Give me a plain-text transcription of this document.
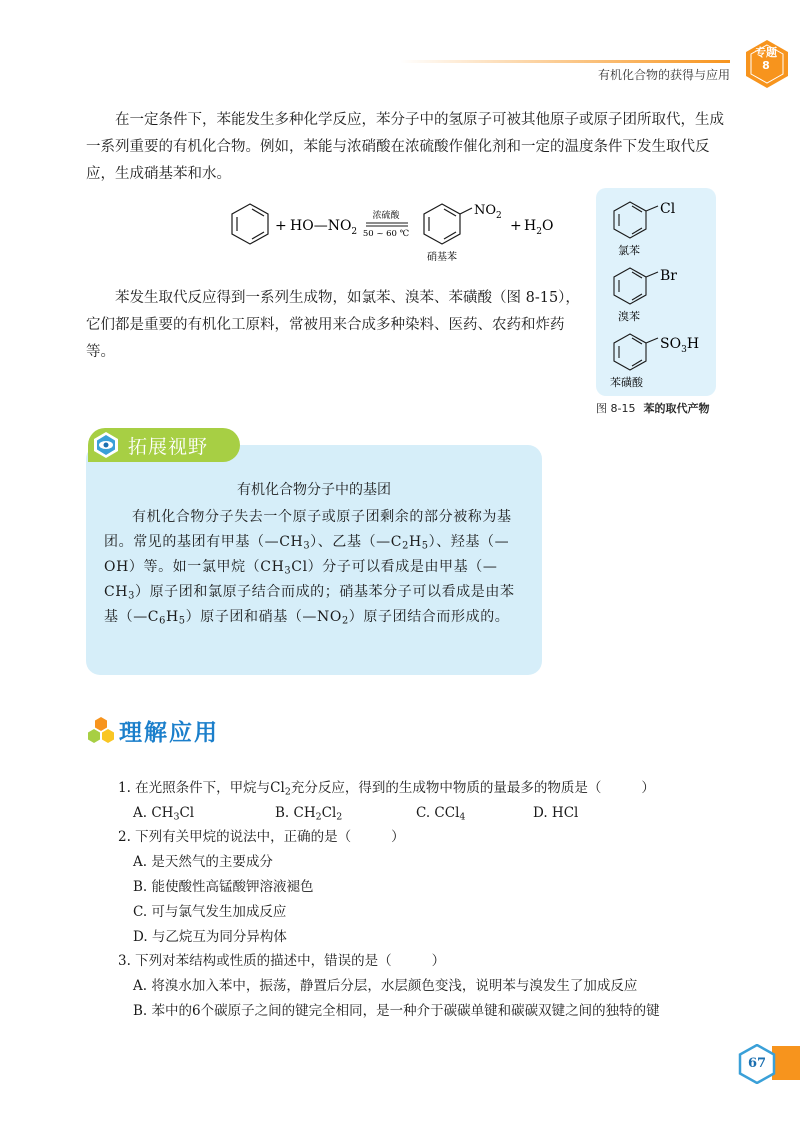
有机化合物的获得与应用
专题
8
在一定条件下，苯能发生多种化学反应，苯分子中的氢原子可被其他原子或原子团所取代，生成一系列重要的有机化合物。例如，苯能与浓硝酸在浓硫酸作催化剂和一定的温度条件下发生取代反应，生成硝基苯和水。
+ $HO—NO_2$
浓硫酸
50 ~ 60 ℃
$NO_2$
硝基苯
+ $H_2O$
Cl
氯苯
Br
溴苯
$SO_3H$
苯磺酸
图 8-15 苯的取代产物
苯发生取代反应得到一系列生成物，如氯苯、溴苯、苯磺酸（图 8-15），它们都是重要的有机化工原料，常被用来合成多种染料、医药、农药和炸药等。
拓展视野
有机化合物分子中的基团
有机化合物分子失去一个原子或原子团剩余的部分被称为基团。常见的基团有甲基$(—CH_3)$、乙基$(—C_2H_5)$、羟基（—OH）等。如一氯甲烷$(CH_3Cl)$分子可以看成是由甲基$(—CH_3)$原子团和氯原子结合而成的；硝基苯分子可以看成是由苯基$(—C_6H_5)$原子团和硝基$(—NO_2)$原子团结合而形成的。
理解应用
1. 在光照条件下，甲烷与$Cl_2$充分反应，得到的生成物中物质的量最多的物质是（	）
A. $CH_3Cl$	B. $CH_2Cl_2$	C. CCl$_4$	D. HCl
2. 下列有关甲烷的说法中，正确的是（	）
A. 是天然气的主要成分
B. 能使酸性高锰酸钾溶液褪色
C. 可与氯气发生加成反应
D. 与乙烷互为同分异构体
3. 下列对苯结构或性质的描述中，错误的是（	）
A. 将溴水加入苯中，振荡，静置后分层，水层颜色变浅，说明苯与溴发生了加成反应
B. 苯中的6个碳原子之间的键完全相同，是一种介于碳碳单键和碳碳双键之间的独特的键
67
